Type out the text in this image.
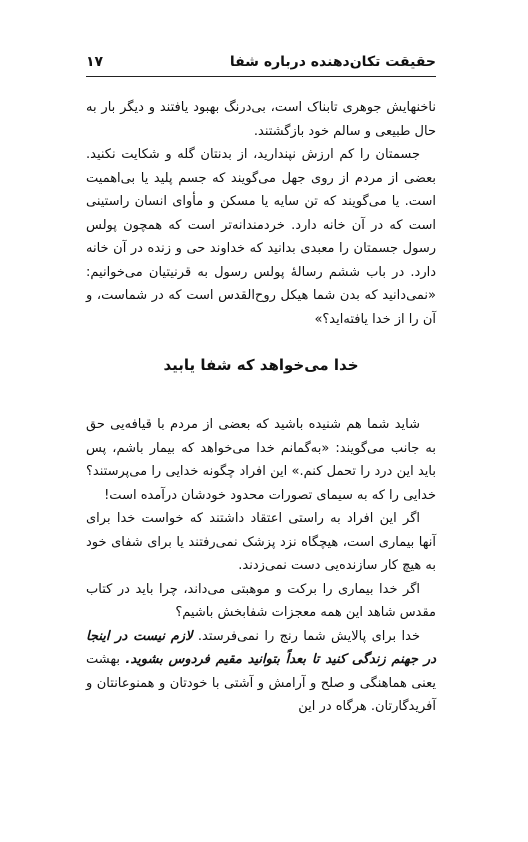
حقیقت تکان‌دهنده درباره شفا
۱۷

ناخنهایش جوهری تابناک است، بی‌درنگ بهبود یافتند و دیگر بار به حال طبیعی و سالم خود بازگشتند.

جسمتان را کم ارزش نپندارید، از بدنتان گله و شکایت نکنید. بعضی از مردم از روی جهل می‌گویند که جسم پلید یا بی‌اهمیت است. یا می‌گویند که تن سایه یا مسکن و مأوای انسان راستینی است که در آن خانه دارد. خردمندانه‌تر است که همچون پولس رسول جسمتان را معبدی بدانید که خداوند حی و زنده در آن خانه دارد. در باب ششم رسالهٔ پولس رسول به قرنیتیان می‌خوانیم: «نمی‌دانید که بدن شما هیکل روح‌القدس است که در شماست، و آن را از خدا یافته‌اید؟»

خدا می‌خواهد که شفا یابید

شاید شما هم شنیده باشید که بعضی از مردم با قیافه‌یی حق به جانب می‌گویند: «به‌گمانم خدا می‌خواهد که بیمار باشم، پس باید این درد را تحمل کنم.» این افراد چگونه خدایی را می‌پرستند؟ خدایی را که به سیمای تصورات محدود خودشان درآمده است!

اگر این افراد به راستی اعتقاد داشتند که خواست خدا برای آنها بیماری است، هیچگاه نزد پزشک نمی‌رفتند یا برای شفای خود به هیچ کار سازنده‌یی دست نمی‌زدند.

اگر خدا بیماری را برکت و موهبتی می‌داند، چرا باید در کتاب مقدس شاهد این همه معجزات شفابخش باشیم؟

خدا برای پالایش شما رنج را نمی‌فرستد. لازم نیست در اینجا در جهنم زندگی کنید تا بعداً بتوانید مقیم فردوس بشوید. بهشت یعنی هماهنگی و صلح و آرامش و آشتی با خودتان و همنوعانتان و آفریدگارتان. هرگاه در این
